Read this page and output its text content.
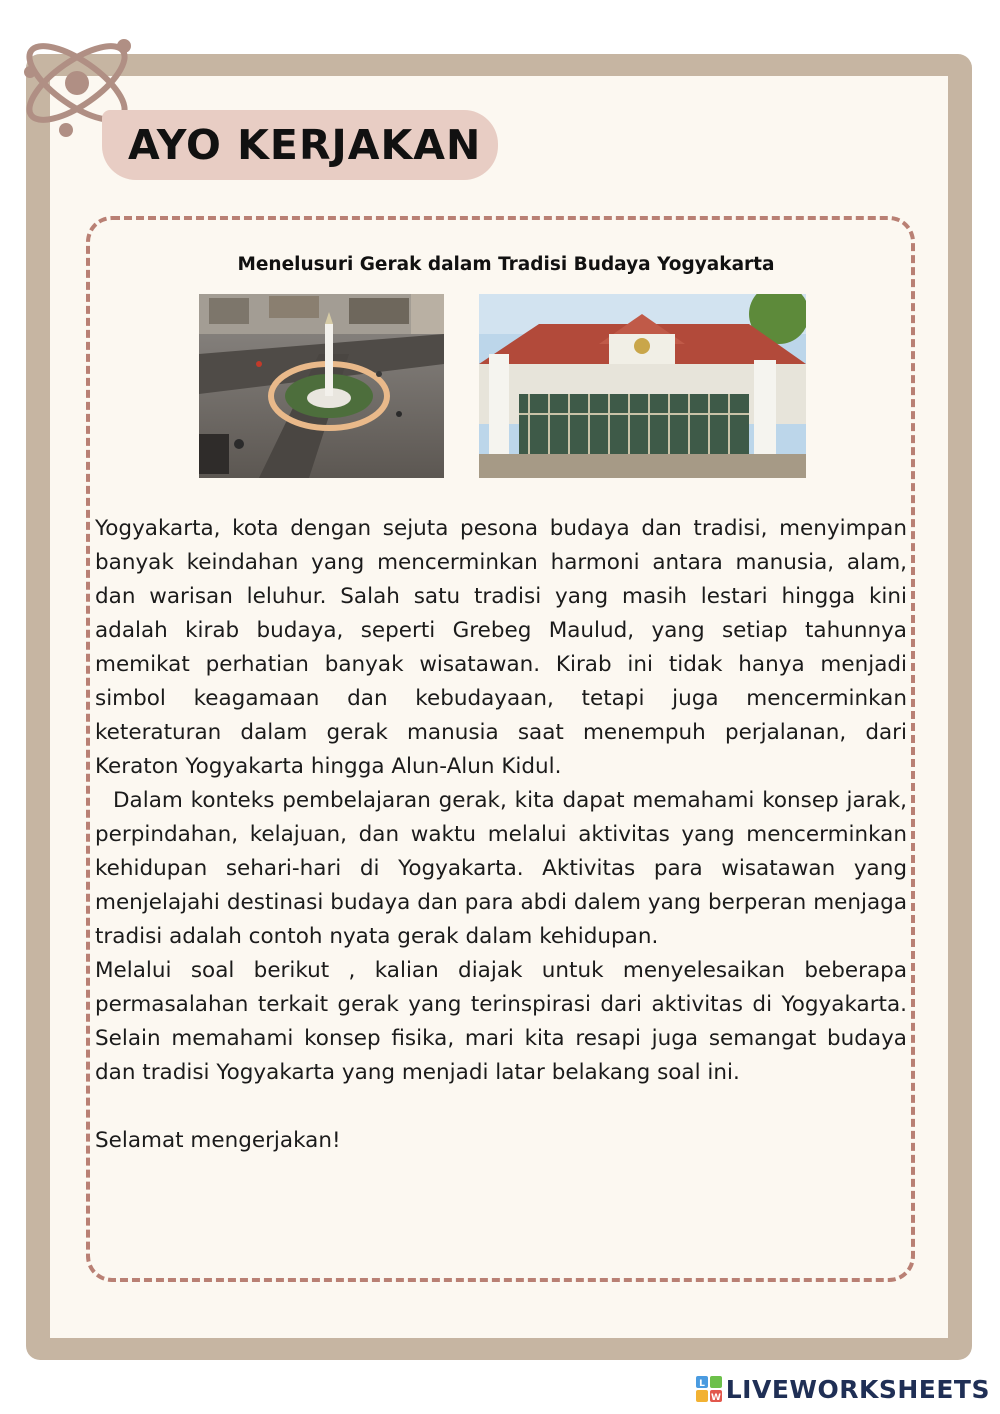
AYO KERJAKAN
Menelusuri Gerak dalam Tradisi Budaya Yogyakarta

Yogyakarta, kota dengan sejuta pesona budaya dan tradisi, menyimpan banyak keindahan yang mencerminkan harmoni antara manusia, alam, dan warisan leluhur. Salah satu tradisi yang masih lestari hingga kini adalah kirab budaya, seperti Grebeg Maulud, yang setiap tahunnya memikat perhatian banyak wisatawan. Kirab ini tidak hanya menjadi simbol keagamaan dan kebudayaan, tetapi juga mencerminkan keteraturan dalam gerak manusia saat menempuh perjalanan, dari Keraton Yogyakarta hingga Alun-Alun Kidul.

Dalam konteks pembelajaran gerak, kita dapat memahami konsep jarak, perpindahan, kelajuan, dan waktu melalui aktivitas yang mencerminkan kehidupan sehari-hari di Yogyakarta. Aktivitas para wisatawan yang menjelajahi destinasi budaya dan para abdi dalem yang berperan menjaga tradisi adalah contoh nyata gerak dalam kehidupan.

Melalui soal berikut , kalian diajak untuk menyelesaikan beberapa permasalahan terkait gerak yang terinspirasi dari aktivitas di Yogyakarta. Selain memahami konsep fisika, mari kita resapi juga semangat budaya dan tradisi Yogyakarta yang menjadi latar belakang soal ini.

Selamat mengerjakan!

L
W LIVEWORKSHEETS
